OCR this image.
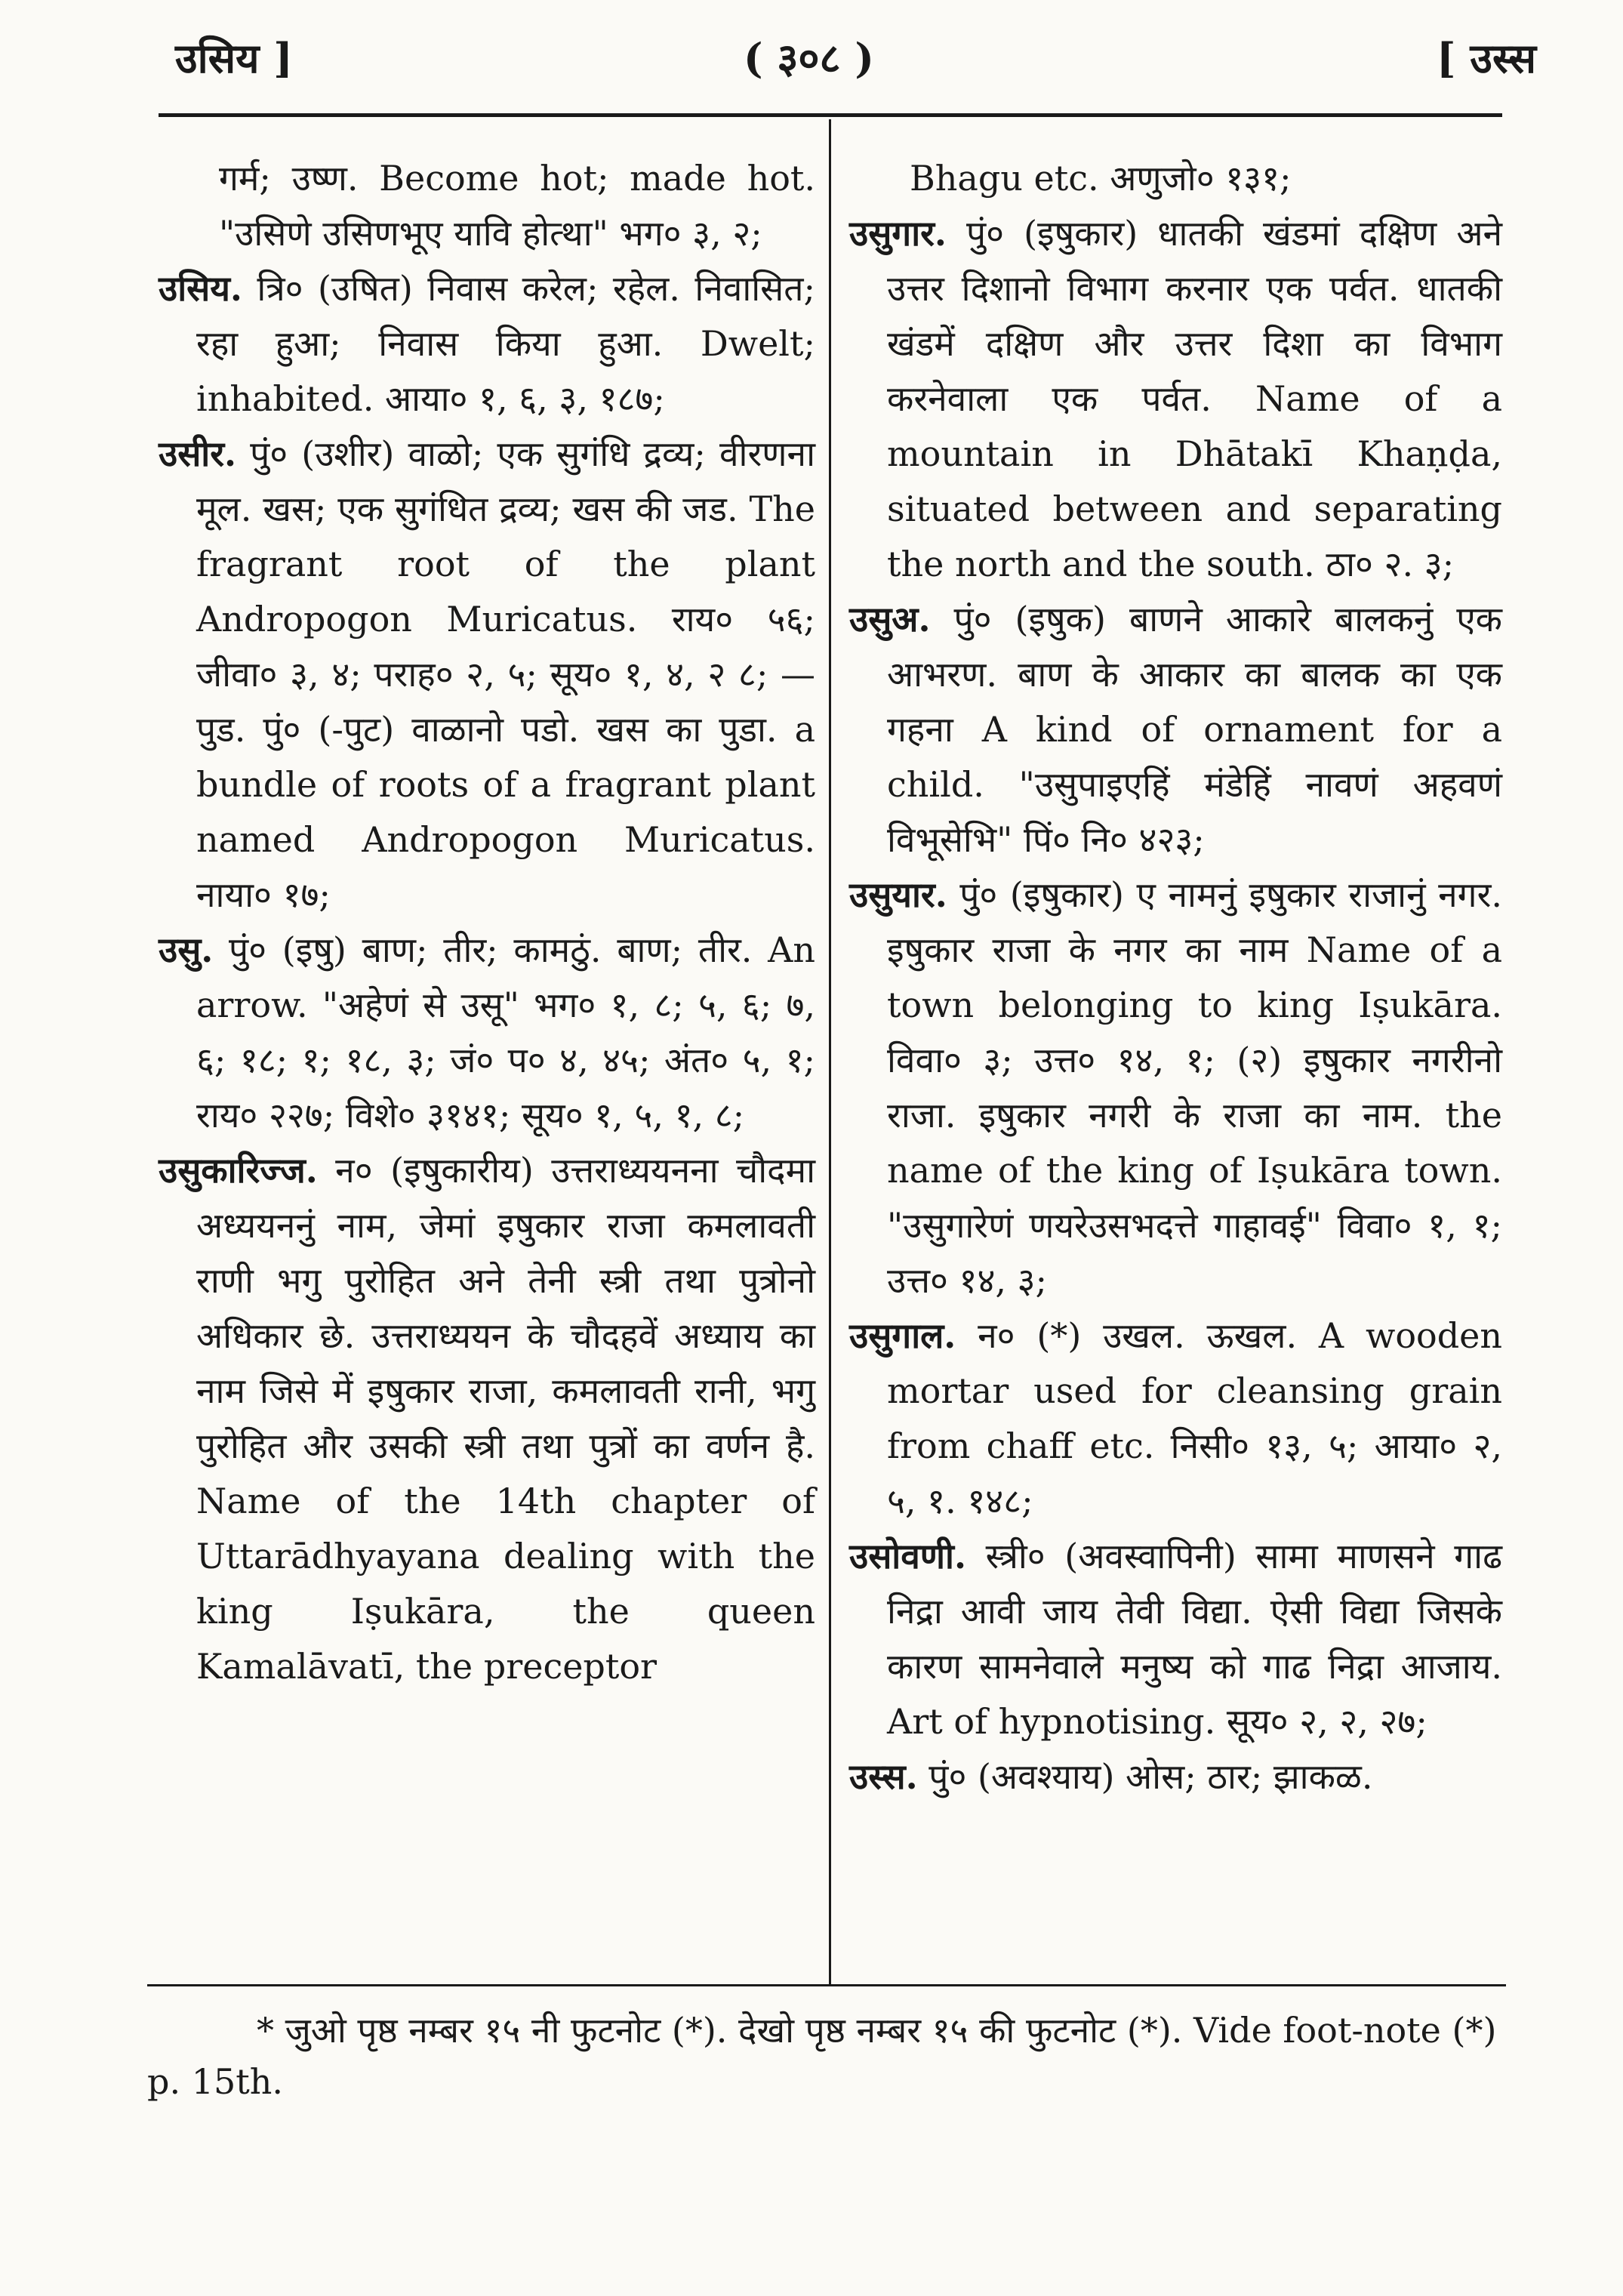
उसिय ]	( ३०८ )	[ उस्स

गर्म; उष्ण. Become hot; made hot. "उसिणे उसिणभूए यावि होत्था" भग० ३, २;

उसिय. त्रि० (उषित) निवास करेल; रहेल. निवासित; रहा हुआ; निवास किया हुआ. Dwelt; inhabited. आया० १, ६, ३, १८७;

उसीर. पुं० (उशीर) वाळो; एक सुगंधि द्रव्य; वीरणना मूल. खस; एक सुगंधित द्रव्य; खस की जड. The fragrant root of the plant Andropogon Muricatus. राय० ५६; जीवा० ३, ४; पराह० २, ५; सूय० १, ४, २ ८; —पुड. पुं० (-पुट) वाळानो पडो. खस का पुडा. a bundle of roots of a fragrant plant named Andropogon Muricatus. नाया० १७;

उसु. पुं० (इषु) बाण; तीर; कामठुं. बाण; तीर. An arrow. "अहेणं से उसू" भग० १, ८; ५, ६; ७, ६; १८; १; १८, ३; जं० प० ४, ४५; अंत० ५, १; राय० २२७; विशे० ३१४१; सूय० १, ५, १, ८;

उसुकारिज्ज. न० (इषुकारीय) उत्तराध्ययनना चौदमा अध्ययननुं नाम, जेमां इषुकार राजा कमलावती राणी भगु पुरोहित अने तेनी स्त्री तथा पुत्रोनो अधिकार छे. उत्तराध्ययन के चौदहवें अध्याय का नाम जिसे में इषुकार राजा, कमलावती रानी, भगु पुरोहित और उसकी स्त्री तथा पुत्रों का वर्णन है. Name of the 14th chapter of Uttarādhyayana dealing with the king Iṣukāra, the queen Kamalāvatī, the preceptor

Bhagu etc. अणुजो० १३१;

उसुगार. पुं० (इषुकार) धातकी खंडमां दक्षिण अने उत्तर दिशानो विभाग करनार एक पर्वत. धातकी खंडमें दक्षिण और उत्तर दिशा का विभाग करनेवाला एक पर्वत. Name of a mountain in Dhātakī Khaṇḍa, situated between and separating the north and the south. ठा० २. ३;

उसुअ. पुं० (इषुक) बाणने आकारे बालकनुं एक आभरण. बाण के आकार का बालक का एक गहना A kind of ornament for a child. "उसुपाइएहिं मंडेहिं नावणं अहवणं विभूसेभि" पिं० नि० ४२३;

उसुयार. पुं० (इषुकार) ए नामनुं इषुकार राजानुं नगर. इषुकार राजा के नगर का नाम Name of a town belonging to king Iṣukāra. विवा० ३; उत्त० १४, १; (२) इषुकार नगरीनो राजा. इषुकार नगरी के राजा का नाम. the name of the king of Iṣukāra town. "उसुगारेणं णयरेउसभदत्ते गाहावई" विवा० १, १; उत्त० १४, ३;

उसुगाल. न० (*) उखल. ऊखल. A wooden mortar used for cleansing grain from chaff etc. निसी० १३, ५; आया० २, ५, १. १४८;

उसोवणी. स्त्री० (अवस्वापिनी) सामा माणसने गाढ निद्रा आवी जाय तेवी विद्या. ऐसी विद्या जिसके कारण सामनेवाले मनुष्य को गाढ निद्रा आजाय. Art of hypnotising. सूय० २, २, २७;

उस्स. पुं० (अवश्याय) ओस; ठार; झाकळ.

* जुओ पृष्ठ नम्बर १५ नी फुटनोट (*). देखो पृष्ठ नम्बर १५ की फुटनोट (*). Vide foot-note (*) p. 15th.
